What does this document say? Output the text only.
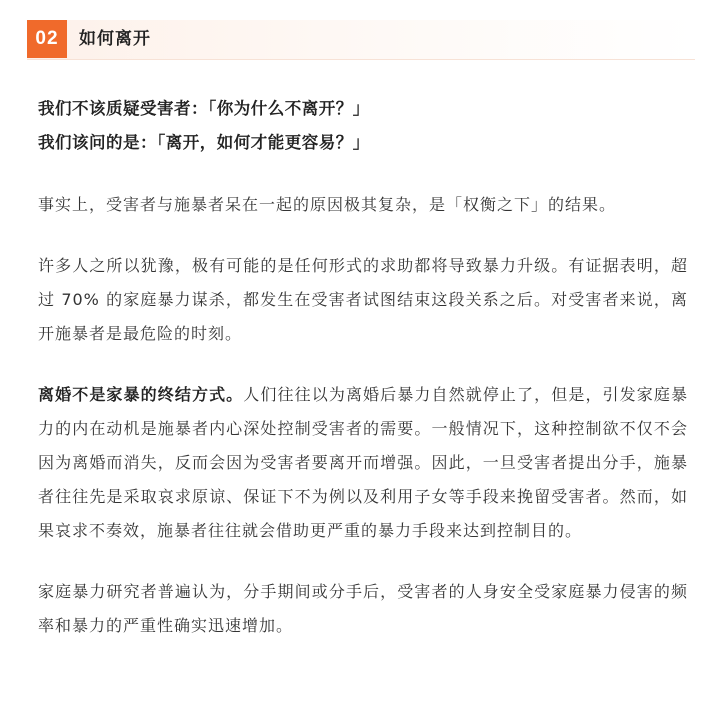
02	如何离开

我们不该质疑受害者：「你为什么不离开？」

我们该问的是：「离开，如何才能更容易？」

事实上，受害者与施暴者呆在一起的原因极其复杂，是「权衡之下」的结果。

许多人之所以犹豫，极有可能的是任何形式的求助都将导致暴力升级。有证据表明，超过 70% 的家庭暴力谋杀，都发生在受害者试图结束这段关系之后。对受害者来说，离开施暴者是最危险的时刻。

离婚不是家暴的终结方式。人们往往以为离婚后暴力自然就停止了，但是，引发家庭暴力的内在动机是施暴者内心深处控制受害者的需要。一般情况下，这种控制欲不仅不会因为离婚而消失，反而会因为受害者要离开而增强。因此，一旦受害者提出分手，施暴者往往先是采取哀求原谅、保证下不为例以及利用子女等手段来挽留受害者。然而，如果哀求不奏效，施暴者往往就会借助更严重的暴力手段来达到控制目的。

家庭暴力研究者普遍认为，分手期间或分手后，受害者的人身安全受家庭暴力侵害的频率和暴力的严重性确实迅速增加。
